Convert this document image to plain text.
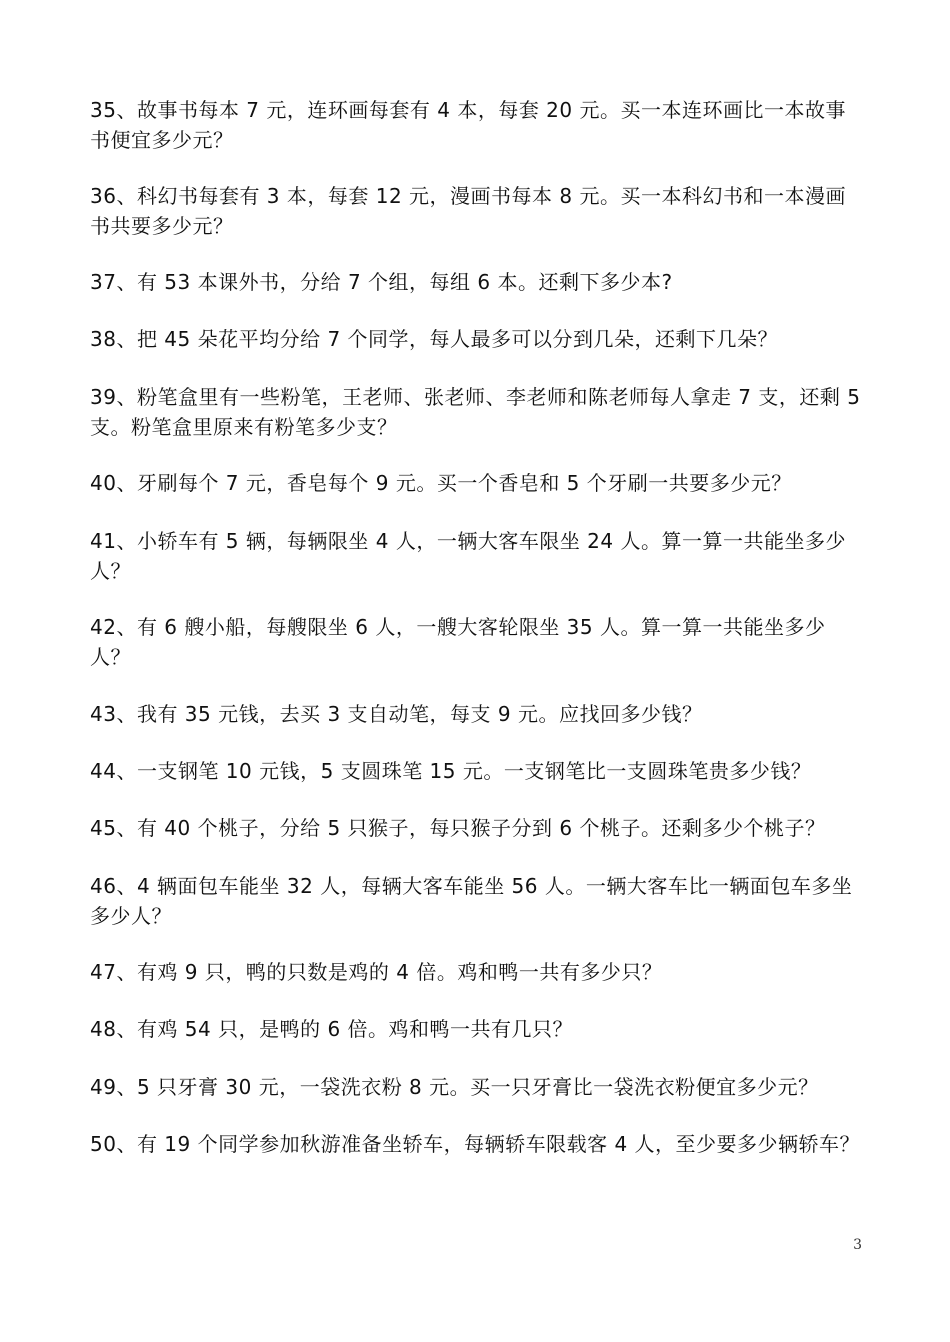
35、故事书每本 7 元，连环画每套有 4 本，每套 20 元。买一本连环画比一本故事书便宜多少元？

36、科幻书每套有 3 本，每套 12 元，漫画书每本 8 元。买一本科幻书和一本漫画书共要多少元？

37、有 53 本课外书，分给 7 个组，每组 6 本。还剩下多少本?

38、把 45 朵花平均分给 7 个同学，每人最多可以分到几朵，还剩下几朵？

39、粉笔盒里有一些粉笔，王老师、张老师、李老师和陈老师每人拿走 7 支，还剩 5 支。粉笔盒里原来有粉笔多少支？

40、牙刷每个 7 元，香皂每个 9 元。买一个香皂和 5 个牙刷一共要多少元？

41、小轿车有 5 辆，每辆限坐 4 人，一辆大客车限坐 24 人。算一算一共能坐多少人？

42、有 6 艘小船，每艘限坐 6 人，一艘大客轮限坐 35 人。算一算一共能坐多少人？

43、我有 35 元钱，去买 3 支自动笔，每支 9 元。应找回多少钱？

44、一支钢笔 10 元钱，5 支圆珠笔 15 元。一支钢笔比一支圆珠笔贵多少钱？

45、有 40 个桃子，分给 5 只猴子，每只猴子分到 6 个桃子。还剩多少个桃子？

46、4 辆面包车能坐 32 人，每辆大客车能坐 56 人。一辆大客车比一辆面包车多坐多少人？

47、有鸡 9 只，鸭的只数是鸡的 4 倍。鸡和鸭一共有多少只？

48、有鸡 54 只，是鸭的 6 倍。鸡和鸭一共有几只？

49、5 只牙膏 30 元，一袋洗衣粉 8 元。买一只牙膏比一袋洗衣粉便宜多少元？

50、有 19 个同学参加秋游准备坐轿车，每辆轿车限载客 4 人，至少要多少辆轿车？

3
